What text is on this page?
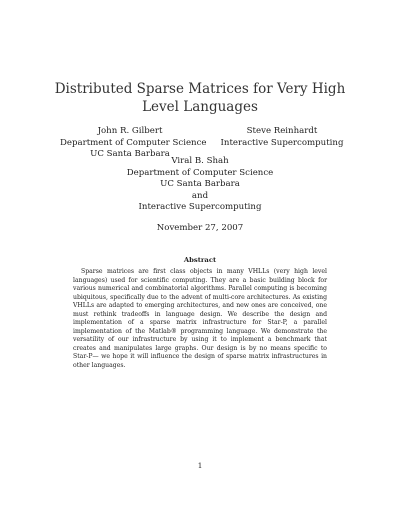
Distributed Sparse Matrices for Very High Level Languages
John R. Gilbert
Department of Computer Science
UC Santa Barbara
Steve Reinhardt
Interactive Supercomputing
Viral B. Shah
Department of Computer Science
UC Santa Barbara
and
Interactive Supercomputing
November 27, 2007
Abstract

Sparse matrices are first class objects in many VHLLs (very high level languages) used for scientific computing. They are a basic building block for various numerical and combinatorial algorithms. Parallel computing is becoming ubiquitous, specifically due to the advent of multi-core architectures. As existing VHLLs are adapted to emerging architectures, and new ones are conceived, one must rethink tradeoffs in language design. We describe the design and implementation of a sparse matrix infrastructure for Star-P, a parallel implementation of the Matlab® programming language. We demonstrate the versatility of our infrastructure by using it to implement a benchmark that creates and manipulates large graphs. Our design is by no means specific to Star-P— we hope it will influence the design of sparse matrix infrastructures in other languages.

1
